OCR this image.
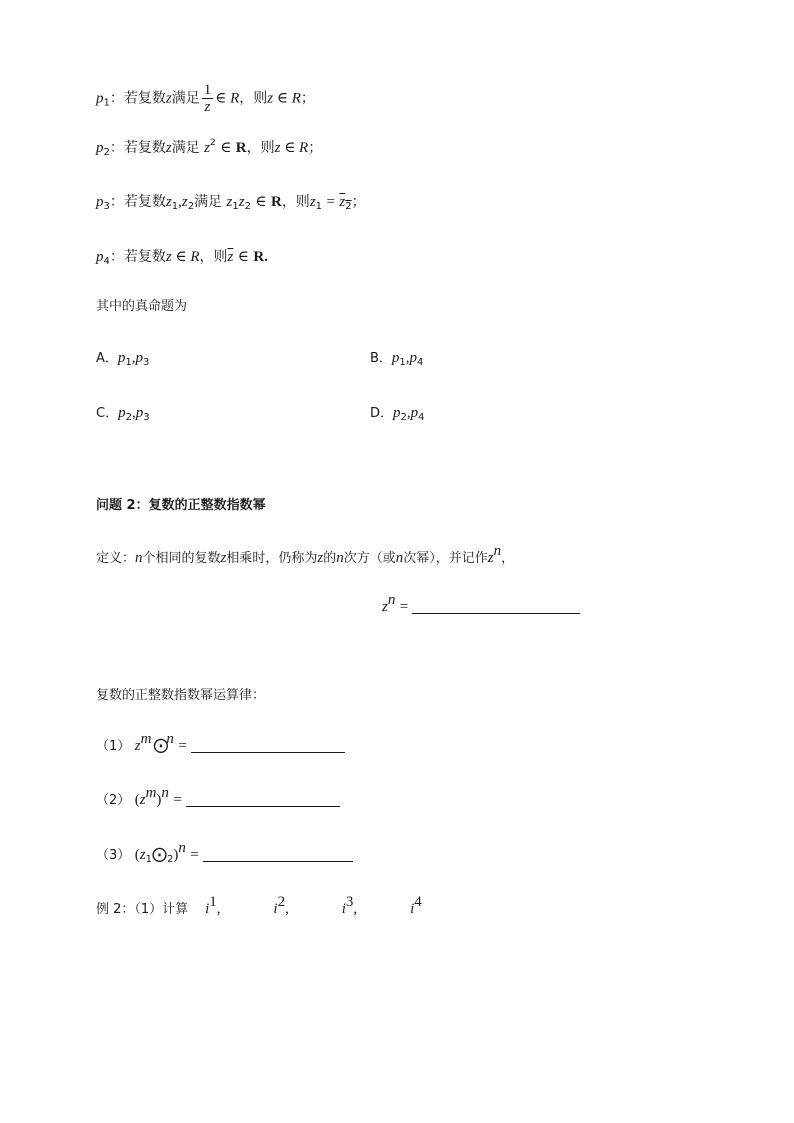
$p_1$：若复数z满足 $\frac{1}{z}$ ∈ R，则z ∈ R；
$p_2$：若复数z满足 $z^2$ ∈ R，则z ∈ R；
$p_3$：若复数$z_1,z_2$满足 $z_1z_2$ ∈ R，则$z_1 = z_2$；
$p_4$：若复数z ∈ R，则$\overline{z}$ ∈ R.
其中的真命题为
A．$p_1,p_3$	B．$p_1,p_4$
C．$p_2,p_3$	D．$p_2,p_4$
问题 2：复数的正整数指数幂
定义：n个相同的复数z相乘时，仍称为z的n次方（或n次幂），并记作$z^n$，
$z^n$ =
复数的正整数指数幂运算律：
（1） $z^m$ ⨀$^n$ =
（2） $(z^m)^n$ =
（3） $(z_1⨀_2)^n$ =
例 2：（1）计算 $i^1$,	$i^2$,	$i^3$,	$i^4$
